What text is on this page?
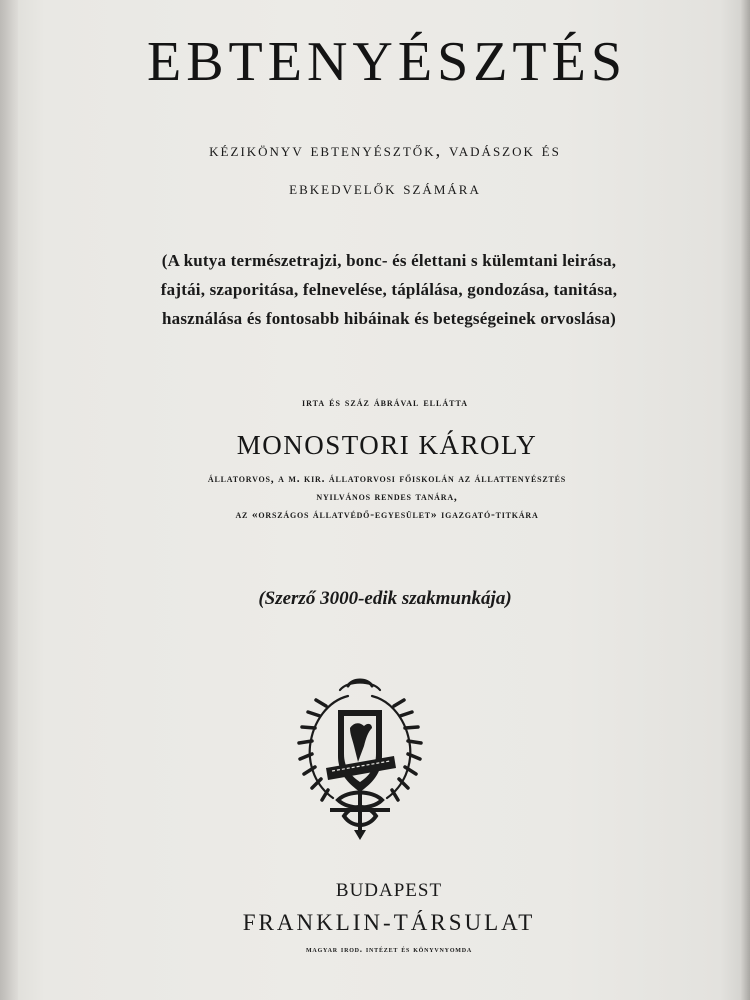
EBTENYÉSZTÉS
kézikönyv ebtenyésztők, vadászok és
ebkedvelők számára
(A kutya természetrajzi, bonc- és élettani s külemtani leirása,
fajtái, szaporitása, felnevelése, táplálása, gondozása, tanitása,
használása és fontosabb hibáinak és betegségeinek orvoslása)
irta és száz ábrával ellátta
MONOSTORI KÁROLY
állatorvos, a m. kir. állatorvosi főiskolán az állattenyésztés
nyilvános rendes tanára,
az «országos állatvédő-egyesület» igazgató-titkára
(Szerző 3000-edik szakmunkája)
BUDAPEST
FRANKLIN-TÁRSULAT
magyar irod. intézet és könyvnyomda
